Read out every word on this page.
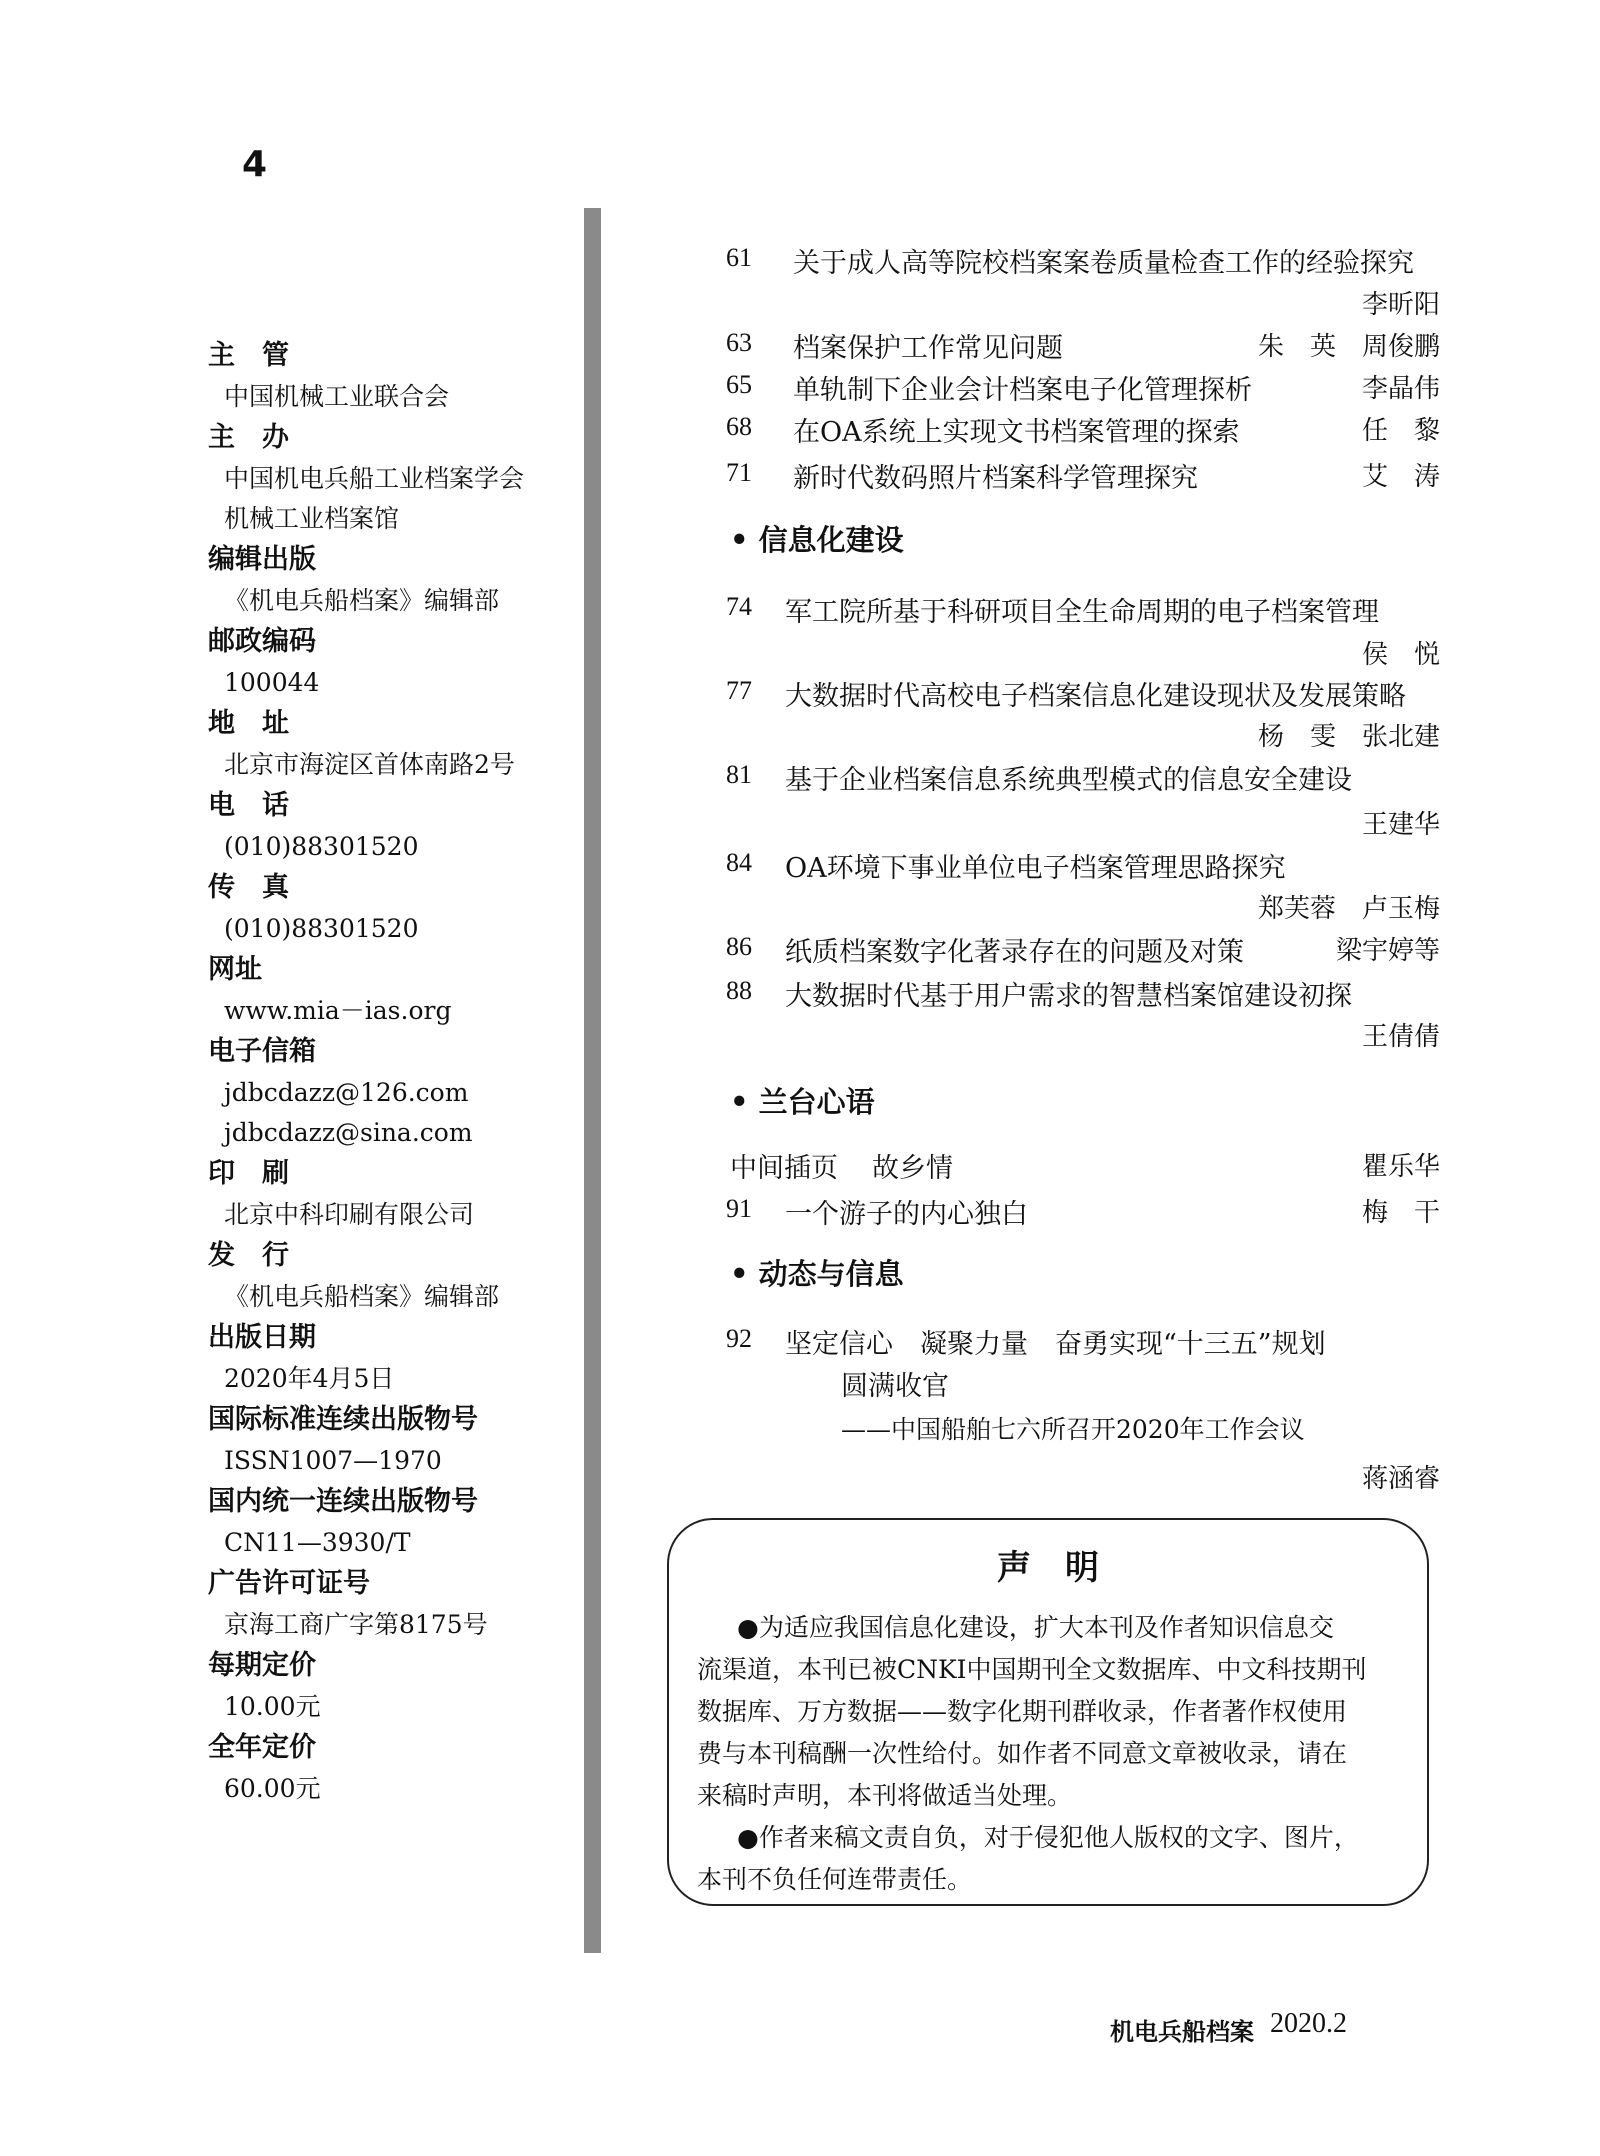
4
主　管
中国机械工业联合会
主　办
中国机电兵船工业档案学会
机械工业档案馆
编辑出版
《机电兵船档案》编辑部
邮政编码
100044
地　址
北京市海淀区首体南路2号
电　话
(010)88301520
传　真
(010)88301520
网址
www.mia－ias.org
电子信箱
jdbcdazz@126.com
jdbcdazz@sina.com
印　刷
北京中科印刷有限公司
发　行
《机电兵船档案》编辑部
出版日期
2020年4月5日
国际标准连续出版物号
ISSN1007—1970
国内统一连续出版物号
CN11—3930/T
广告许可证号
京海工商广字第8175号
每期定价
10.00元
全年定价
60.00元
61 关于成人高等院校档案案卷质量检查工作的经验探究
李昕阳
63 档案保护工作常见问题	朱　英　周俊鹏
65 单轨制下企业会计档案电子化管理探析	李晶伟
68 在OA系统上实现文书档案管理的探索	任　黎
71 新时代数码照片档案科学管理探究	艾　涛
• 信息化建设
74 军工院所基于科研项目全生命周期的电子档案管理
侯　悦
77 大数据时代高校电子档案信息化建设现状及发展策略
杨　雯　张北建
81 基于企业档案信息系统典型模式的信息安全建设
王建华
84 OA环境下事业单位电子档案管理思路探究
郑芙蓉　卢玉梅
86 纸质档案数字化著录存在的问题及对策	梁宇婷等
88 大数据时代基于用户需求的智慧档案馆建设初探
王倩倩
• 兰台心语
中间插页 故乡情	瞿乐华
91 一个游子的内心独白	梅　干
• 动态与信息
92 坚定信心　凝聚力量　奋勇实现“十三五”规划
圆满收官
——中国船舶七六所召开2020年工作会议
蒋涵睿
声　明
●为适应我国信息化建设，扩大本刊及作者知识信息交
流渠道，本刊已被CNKI中国期刊全文数据库、中文科技期刊
数据库、万方数据——数字化期刊群收录，作者著作权使用
费与本刊稿酬一次性给付。如作者不同意文章被收录，请在
来稿时声明，本刊将做适当处理。
●作者来稿文责自负，对于侵犯他人版权的文字、图片，
本刊不负任何连带责任。
机电兵船档案 2020.2
